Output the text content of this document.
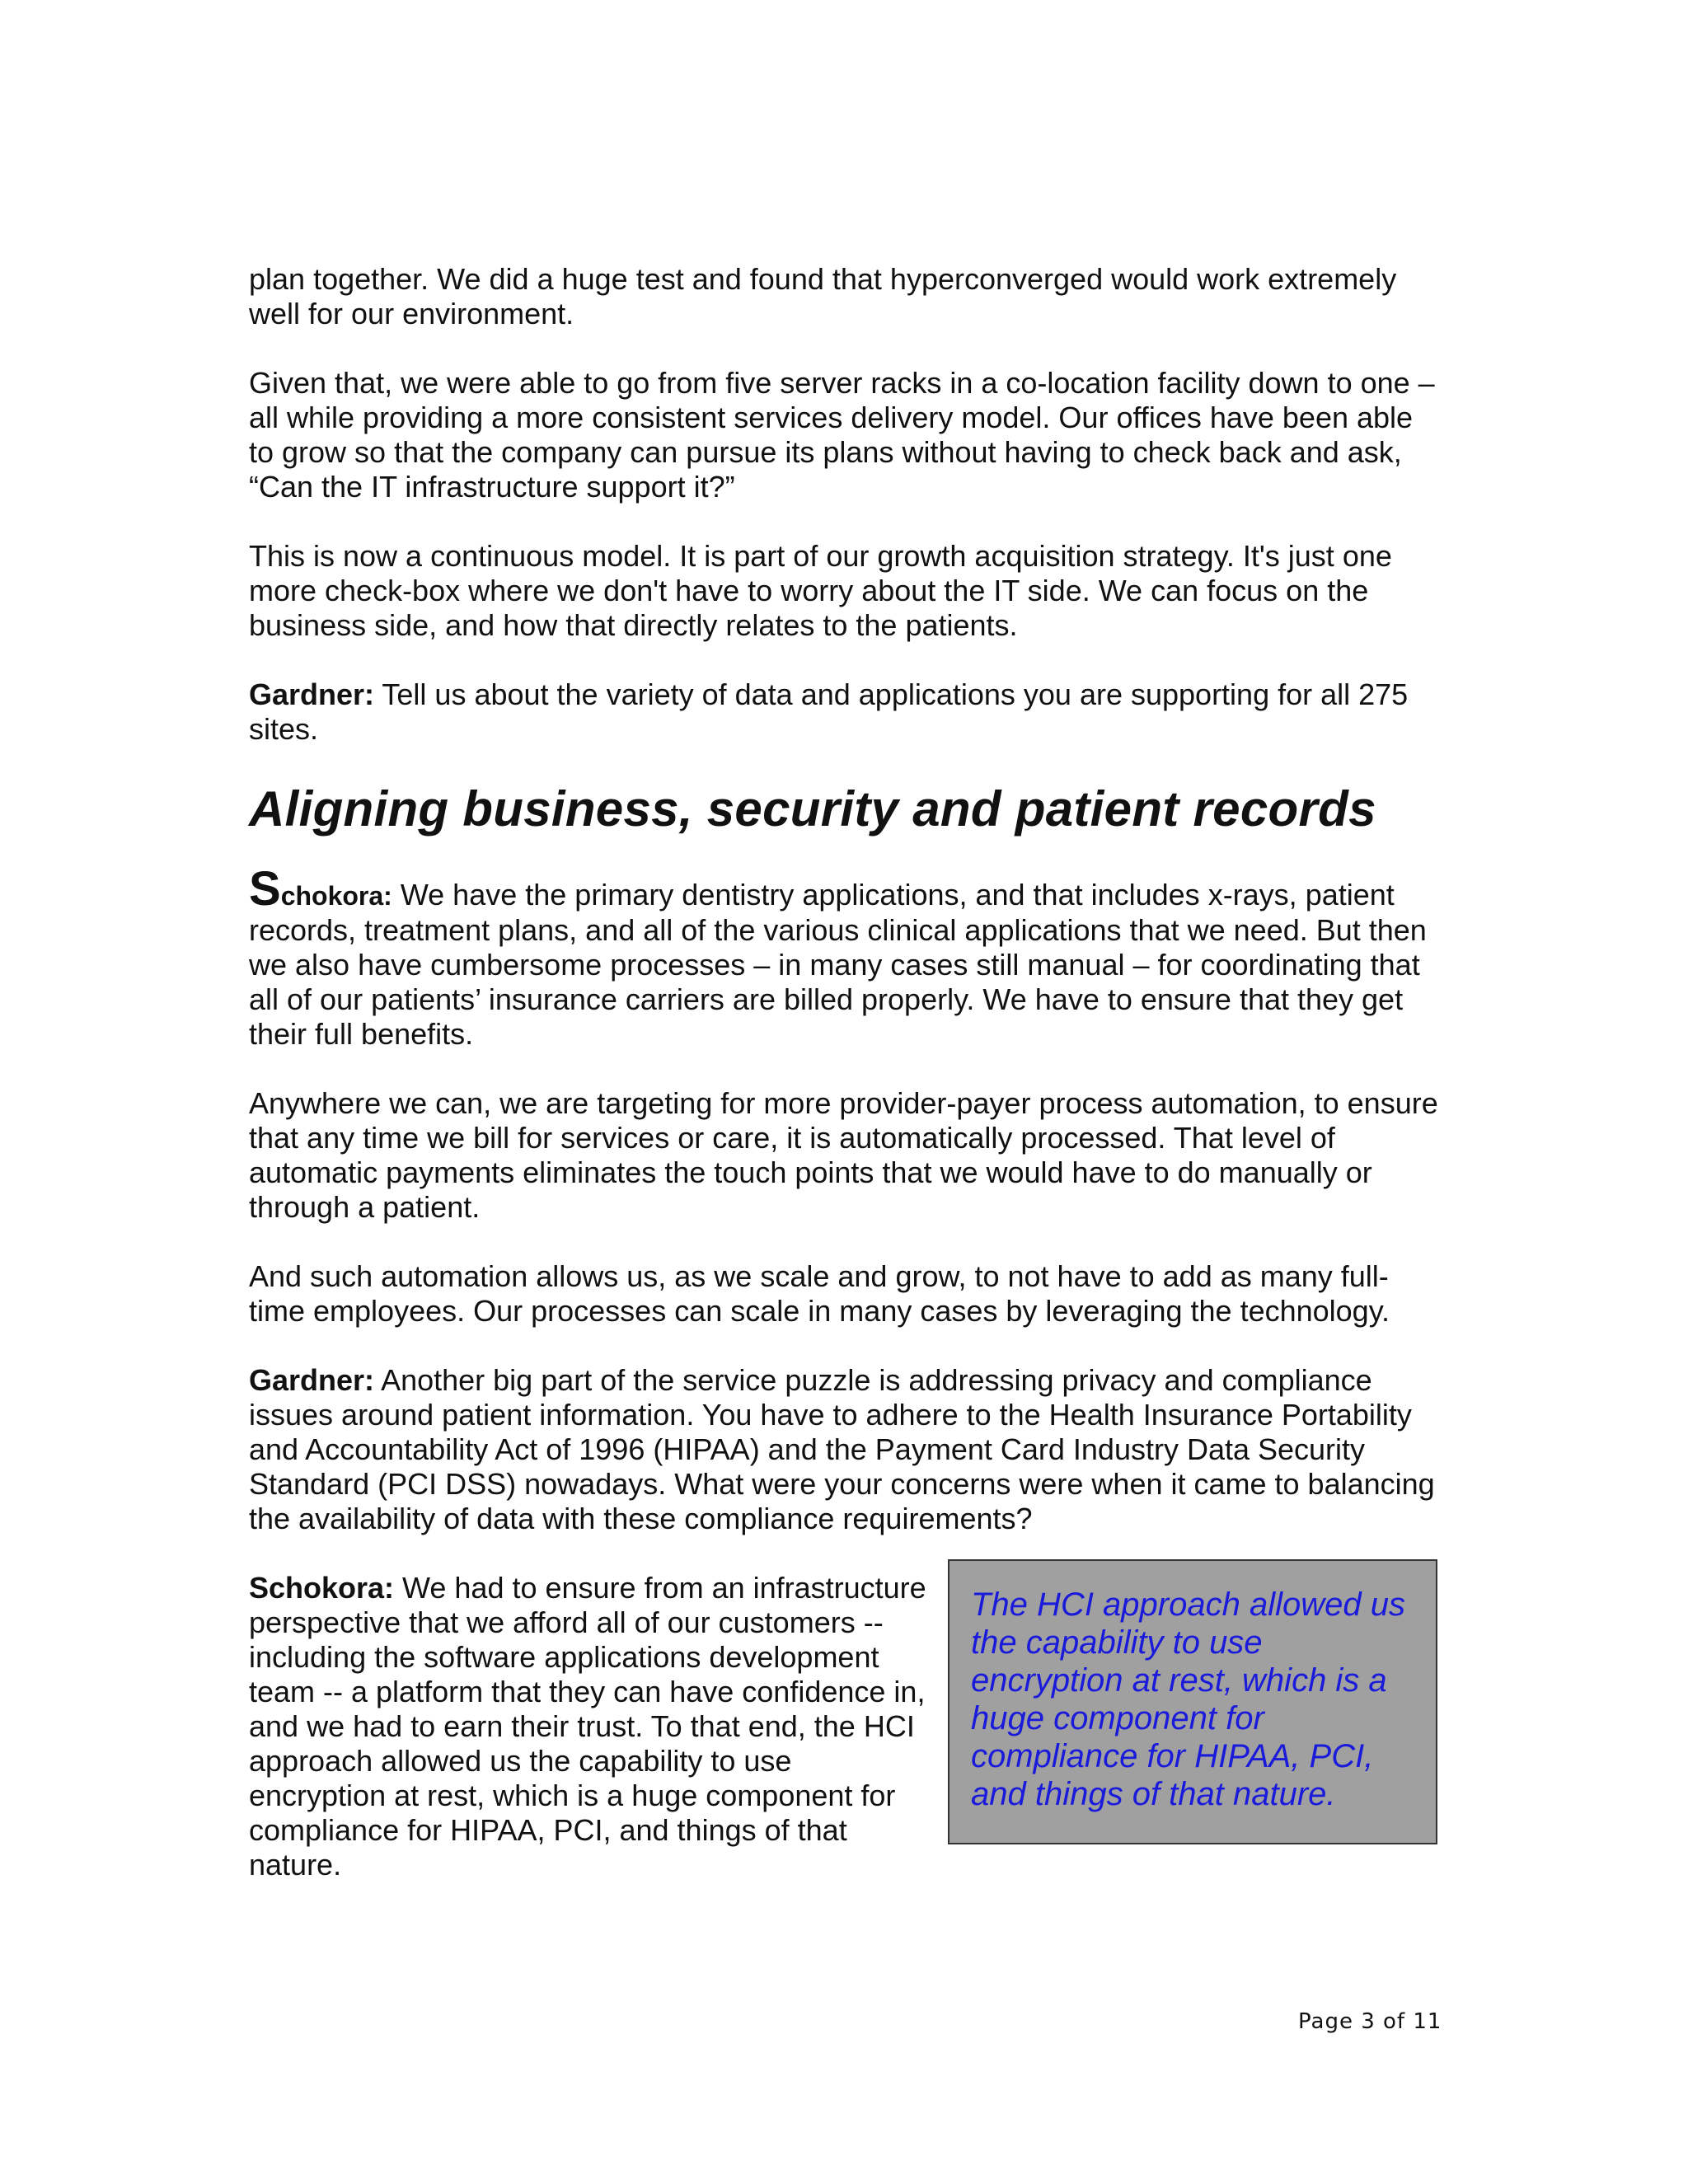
plan together. We did a huge test and found that hyperconverged would work extremely well for our environment.

Given that, we were able to go from five server racks in a co-location facility down to one – all while providing a more consistent services delivery model. Our offices have been able to grow so that the company can pursue its plans without having to check back and ask, “Can the IT infrastructure support it?”

This is now a continuous model. It is part of our growth acquisition strategy. It's just one more check-box where we don't have to worry about the IT side. We can focus on the business side, and how that directly relates to the patients.

Gardner: Tell us about the variety of data and applications you are supporting for all 275 sites.

Aligning business, security and patient records

Schokora: We have the primary dentistry applications, and that includes x-rays, patient records, treatment plans, and all of the various clinical applications that we need. But then we also have cumbersome processes – in many cases still manual – for coordinating that all of our patients’ insurance carriers are billed properly. We have to ensure that they get their full benefits.

Anywhere we can, we are targeting for more provider-payer process automation, to ensure that any time we bill for services or care, it is automatically processed. That level of automatic payments eliminates the touch points that we would have to do manually or through a patient.

And such automation allows us, as we scale and grow, to not have to add as many full-time employees. Our processes can scale in many cases by leveraging the technology.

Gardner: Another big part of the service puzzle is addressing privacy and compliance issues around patient information. You have to adhere to the Health Insurance Portability and Accountability Act of 1996 (HIPAA) and the Payment Card Industry Data Security Standard (PCI DSS) nowadays. What were your concerns were when it came to balancing the availability of data with these compliance requirements?

Schokora: We had to ensure from an infrastructure perspective that we afford all of our customers -- including the software applications development team -- a platform that they can have confidence in, and we had to earn their trust. To that end, the HCI approach allowed us the capability to use encryption at rest, which is a huge component for compliance for HIPAA, PCI, and things of that nature.

The HCI approach allowed us the capability to use encryption at rest, which is a huge component for compliance for HIPAA, PCI, and things of that nature.

Page 3 of 11
